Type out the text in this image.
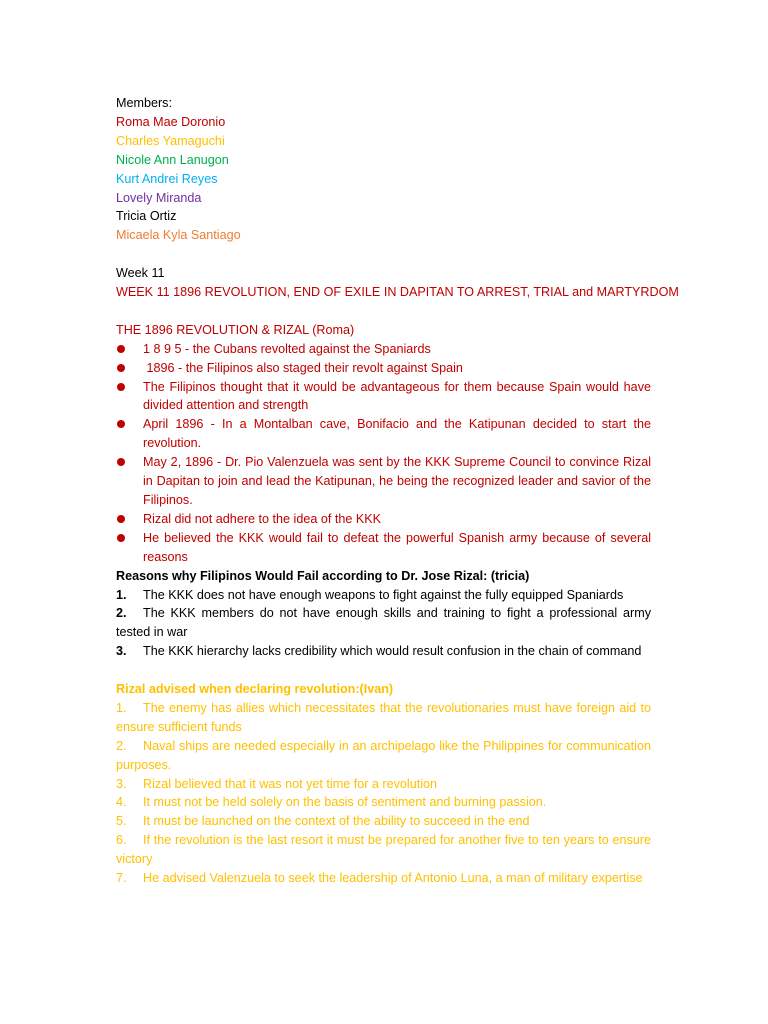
Members:
Roma Mae Doronio
Charles Yamaguchi
Nicole Ann Lanugon
Kurt Andrei Reyes
Lovely Miranda
Tricia Ortiz
Micaela Kyla Santiago
Week 11
WEEK 11 1896 REVOLUTION, END OF EXILE IN DAPITAN TO ARREST, TRIAL and MARTYRDOM
THE 1896 REVOLUTION & RIZAL (Roma)
1 8 9 5 - the Cubans revolted against the Spaniards
1896 - the Filipinos also staged their revolt against Spain
The Filipinos thought that it would be advantageous for them because Spain would have divided attention and strength
April 1896 - In a Montalban cave, Bonifacio and the Katipunan decided to start the revolution.
May 2, 1896 - Dr. Pio Valenzuela was sent by the KKK Supreme Council to convince Rizal in Dapitan to join and lead the Katipunan, he being the recognized leader and savior of the Filipinos.
Rizal did not adhere to the idea of the KKK
He believed the KKK would fail to defeat the powerful Spanish army because of several reasons
Reasons why Filipinos Would Fail according to Dr. Jose Rizal: (tricia)
1. The KKK does not have enough weapons to fight against the fully equipped Spaniards
2. The KKK members do not have enough skills and training to fight a professional army tested in war
3. The KKK hierarchy lacks credibility which would result confusion in the chain of command
Rizal advised when declaring revolution:(Ivan)
1. The enemy has allies which necessitates that the revolutionaries must have foreign aid to ensure sufficient funds
2. Naval ships are needed especially in an archipelago like the Philippines for communication purposes.
3. Rizal believed that it was not yet time for a revolution
4. It must not be held solely on the basis of sentiment and burning passion.
5. It must be launched on the context of the ability to succeed in the end
6. If the revolution is the last resort it must be prepared for another five to ten years to ensure victory
7. He advised Valenzuela to seek the leadership of Antonio Luna, a man of military expertise
